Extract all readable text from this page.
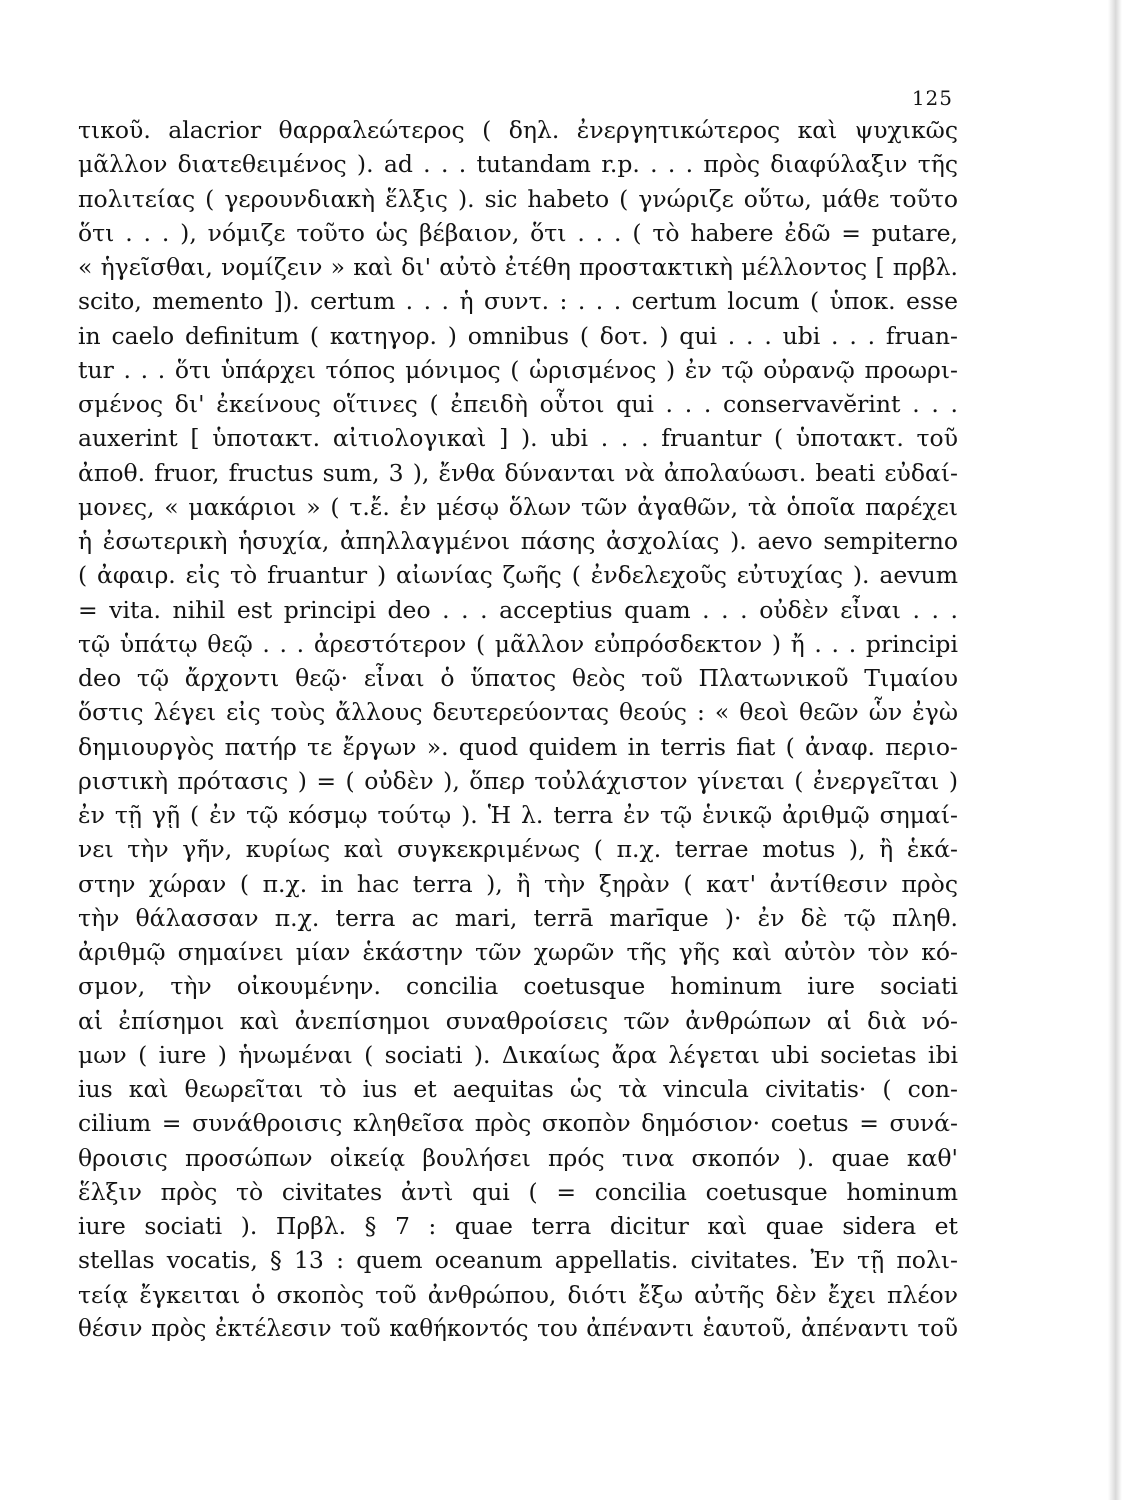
125
τικοῦ. alacrior θαρραλεώτερος ( δηλ. ἐνεργητικώτερος καὶ ψυχικῶς
μᾶλλον διατεθειμένος ). ad . . . tutandam r.p. . . . πρὸς διαφύλαξιν τῆς
πολιτείας ( γερουνδιακὴ ἕλξις ). sic habeto ( γνώριζε οὕτω, μάθε τοῦτο
ὅτι . . . ), νόμιζε τοῦτο ὡς βέβαιον, ὅτι . . . ( τὸ habere ἐδῶ = putare,
« ἡγεῖσθαι, νομίζειν » καὶ δι' αὐτὸ ἐτέθη προστακτικὴ μέλλοντος [ πρβλ.
scito, memento ]). certum . . . ἡ συντ. : . . . certum locum ( ὑποκ. esse
in caelo definitum ( κατηγορ. ) omnibus ( δοτ. ) qui . . . ubi . . . fruan-
tur . . . ὅτι ὑπάρχει τόπος μόνιμος ( ὡρισμένος ) ἐν τῷ οὐρανῷ προωρι-
σμένος δι' ἐκείνους οἵτινες ( ἐπειδὴ οὗτοι qui . . . conservavĕrint . . .
auxerint [ ὑποτακτ. αἰτιολογικαὶ ] ). ubi . . . fruantur ( ὑποτακτ. τοῦ
ἀποθ. fruor, fructus sum, 3 ), ἔνθα δύνανται νὰ ἀπολαύωσι. beati εὐδαί-
μονες, « μακάριοι » ( τ.ἔ. ἐν μέσῳ ὅλων τῶν ἀγαθῶν, τὰ ὁποῖα παρέχει
ἡ ἐσωτερικὴ ἡσυχία, ἀπηλλαγμένοι πάσης ἀσχολίας ). aevo sempiterno
( ἀφαιρ. εἰς τὸ fruantur ) αἰωνίας ζωῆς ( ἐνδελεχοῦς εὐτυχίας ). aevum
= vita. nihil est principi deo . . . acceptius quam . . . οὐδὲν εἶναι . . .
τῷ ὑπάτῳ θεῷ . . . ἀρεστότερον ( μᾶλλον εὐπρόσδεκτον ) ἤ . . . principi
deo τῷ ἄρχοντι θεῷ· εἶναι ὁ ὕπατος θεὸς τοῦ Πλατωνικοῦ Τιμαίου
ὅστις λέγει εἰς τοὺς ἄλλους δευτερεύοντας θεούς : « θεοὶ θεῶν ὧν ἐγὼ
δημιουργὸς πατήρ τε ἔργων ». quod quidem in terris fiat ( ἀναφ. περιο-
ριστικὴ πρότασις ) = ( οὐδὲν ), ὅπερ τοὐλάχιστον γίνεται ( ἐνεργεῖται )
ἐν τῇ γῇ ( ἐν τῷ κόσμῳ τούτῳ ). Ἡ λ. terra ἐν τῷ ἑνικῷ ἀριθμῷ σημαί-
νει τὴν γῆν, κυρίως καὶ συγκεκριμένως ( π.χ. terrae motus ), ἢ ἑκά-
στην χώραν ( π.χ. in hac terra ), ἢ τὴν ξηρὰν ( κατ' ἀντίθεσιν πρὸς
τὴν θάλασσαν π.χ. terra ac mari, terrā marīque )· ἐν δὲ τῷ πληθ.
ἀριθμῷ σημαίνει μίαν ἑκάστην τῶν χωρῶν τῆς γῆς καὶ αὐτὸν τὸν κό-
σμον, τὴν οἰκουμένην. concilia coetusque hominum iure sociati
αἱ ἐπίσημοι καὶ ἀνεπίσημοι συναθροίσεις τῶν ἀνθρώπων αἱ διὰ νό-
μων ( iure ) ἡνωμέναι ( sociati ). Δικαίως ἄρα λέγεται ubi societas ibi
ius καὶ θεωρεῖται τὸ ius et aequitas ὡς τὰ vincula civitatis· ( con-
cilium = συνάθροισις κληθεῖσα πρὸς σκοπὸν δημόσιον· coetus = συνά-
θροισις προσώπων οἰκείᾳ βουλήσει πρός τινα σκοπόν ). quae καθ'
ἕλξιν πρὸς τὸ civitates ἀντὶ qui ( = concilia coetusque hominum
iure sociati ). Πρβλ. § 7 : quae terra dicitur καὶ quae sidera et
stellas vocatis, § 13 : quem oceanum appellatis. civitates. Ἐν τῇ πολι-
τείᾳ ἔγκειται ὁ σκοπὸς τοῦ ἀνθρώπου, διότι ἔξω αὐτῆς δὲν ἔχει πλέον
θέσιν πρὸς ἐκτέλεσιν τοῦ καθήκοντός του ἀπέναντι ἑαυτοῦ, ἀπέναντι τοῦ
